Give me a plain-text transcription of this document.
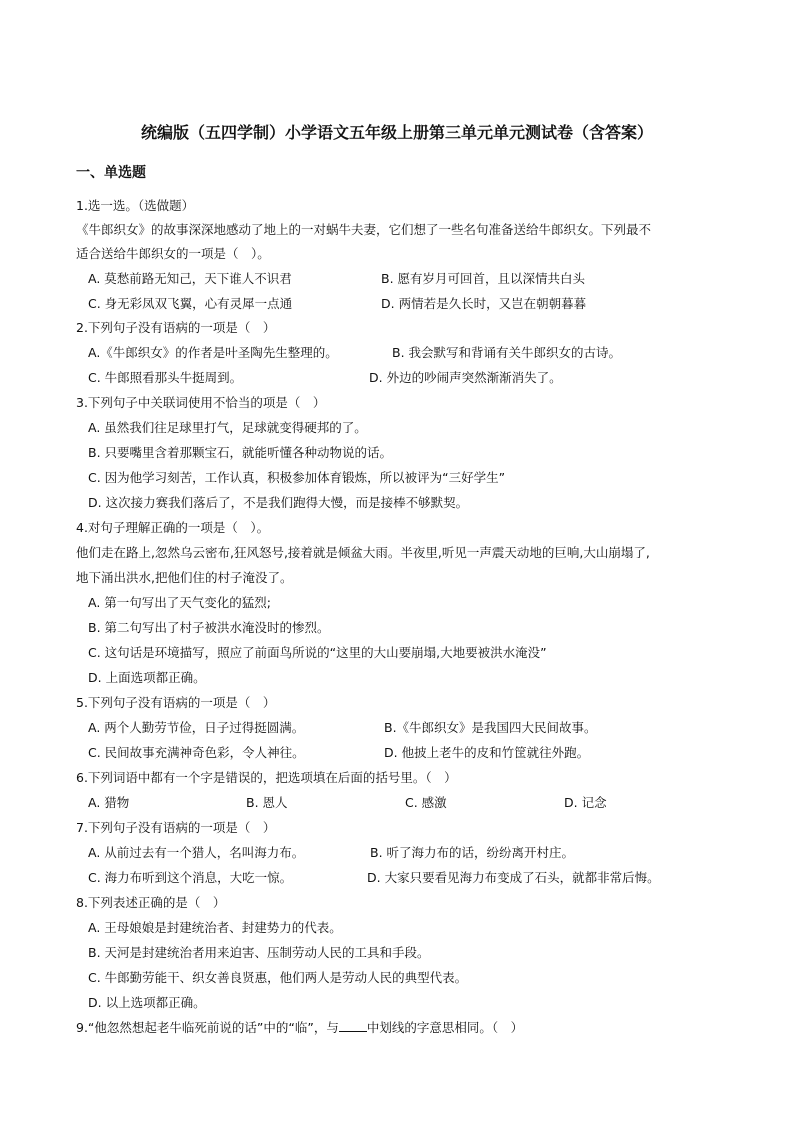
统编版（五四学制）小学语文五年级上册第三单元单元测试卷（含答案）
一、单选题
1.选一选。（选做题）
《牛郎织女》的故事深深地感动了地上的一对蜗牛夫妻，它们想了一些名句准备送给牛郎织女。下列最不
适合送给牛郎织女的一项是（　）。
A. 莫愁前路无知己，天下谁人不识君	B. 愿有岁月可回首，且以深情共白头
C. 身无彩凤双飞翼，心有灵犀一点通	D. 两情若是久长时，又岂在朝朝暮暮
2.下列句子没有语病的一项是（　）
A.《牛郎织女》的作者是叶圣陶先生整理的。	B. 我会默写和背诵有关牛郎织女的古诗。
C. 牛郎照看那头牛挺周到。	D. 外边的吵闹声突然渐渐消失了。
3.下列句子中关联词使用不恰当的项是（　）
A. 虽然我们往足球里打气，足球就变得硬邦的了。
B. 只要嘴里含着那颗宝石，就能听懂各种动物说的话。
C. 因为他学习刻苦，工作认真，积极参加体育锻炼，所以被评为“三好学生”
D. 这次接力赛我们落后了，不是我们跑得大慢，而是接棒不够默契。
4.对句子理解正确的一项是（　）。
他们走在路上,忽然乌云密布,狂风怒号,接着就是倾盆大雨。半夜里,听见一声震天动地的巨响,大山崩塌了,
地下涌出洪水,把他们住的村子淹没了。
A. 第一句写出了天气变化的猛烈;
B. 第二句写出了村子被洪水淹没时的惨烈。
C. 这句话是环境描写，照应了前面鸟所说的“这里的大山要崩塌,大地要被洪水淹没”
D. 上面选项都正确。
5.下列句子没有语病的一项是（　）
A. 两个人勤劳节俭，日子过得挺圆满。	B.《牛郎织女》是我国四大民间故事。
C. 民间故事充满神奇色彩，令人神往。	D. 他披上老牛的皮和竹筐就往外跑。
6.下列词语中都有一个字是错误的，把选项填在后面的括号里。（　）
A. 猎物	B. 恩人	C. 感激	D. 记念
7.下列句子没有语病的一项是（　）
A. 从前过去有一个猎人，名叫海力布。	B. 听了海力布的话，纷纷离开村庄。
C. 海力布听到这个消息，大吃一惊。	D. 大家只要看见海力布变成了石头，就都非常后悔。
8.下列表述正确的是（　）
A. 王母娘娘是封建统治者、封建势力的代表。
B. 天河是封建统治者用来迫害、压制劳动人民的工具和手段。
C. 牛郎勤劳能干、织女善良贤惠，他们两人是劳动人民的典型代表。
D. 以上选项都正确。
9.“他忽然想起老牛临死前说的话”中的“临”，与 中划线的字意思相同。（　）
